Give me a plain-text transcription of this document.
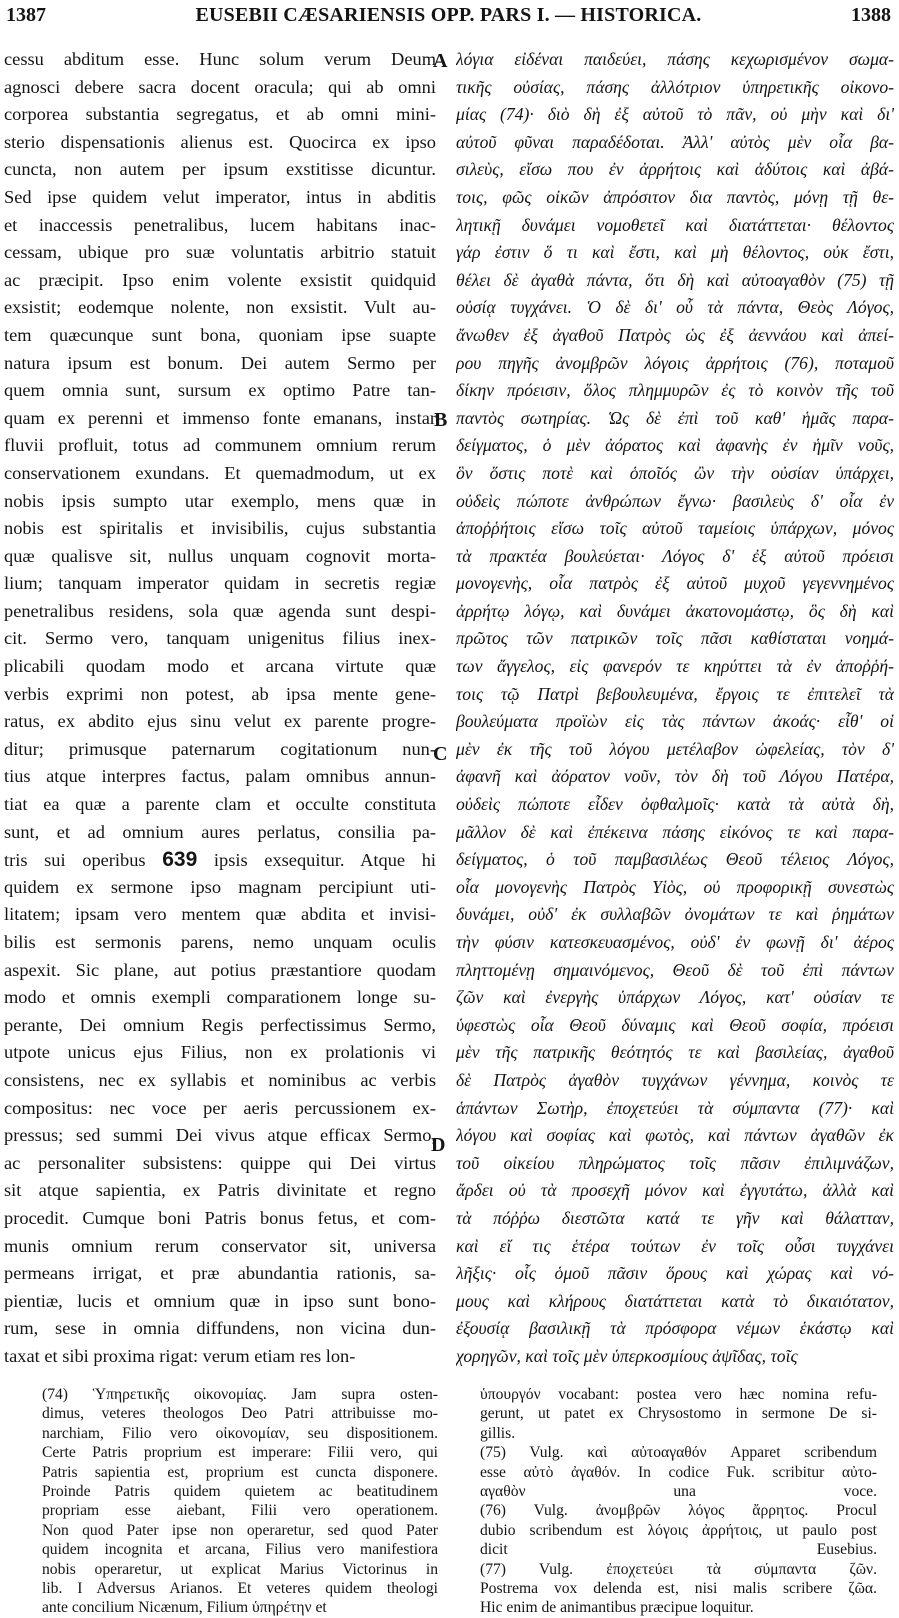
1387	EUSEBII CÆSARIENSIS OPP. PARS I. — HISTORICA.	1388
cessu abditum esse. Hunc solum verum Deum
agnosci debere sacra docent oracula; qui ab omni
corporea substantia segregatus, et ab omni mini-
sterio dispensationis alienus est. Quocirca ex ipso
cuncta, non autem per ipsum exstitisse dicuntur.
Sed ipse quidem velut imperator, intus in abditis
et inaccessis penetralibus, lucem habitans inac-
cessam, ubique pro suæ voluntatis arbitrio statuit
ac præcipit. Ipso enim volente exsistit quidquid
exsistit; eodemque nolente, non exsistit. Vult au-
tem quæcunque sunt bona, quoniam ipse suapte
natura ipsum est bonum. Dei autem Sermo per
quem omnia sunt, sursum ex optimo Patre tan-
quam ex perenni et immenso fonte emanans, instar
fluvii profluit, totus ad communem omnium rerum
conservationem exundans. Et quemadmodum, ut ex
nobis ipsis sumpto utar exemplo, mens quæ in
nobis est spiritalis et invisibilis, cujus substantia
quæ qualisve sit, nullus unquam cognovit morta-
lium; tanquam imperator quidam in secretis regiæ
penetralibus residens, sola quæ agenda sunt despi-
cit. Sermo vero, tanquam unigenitus filius inex-
plicabili quodam modo et arcana virtute quæ
verbis exprimi non potest, ab ipsa mente gene-
ratus, ex abdito ejus sinu velut ex parente progre-
ditur; primusque paternarum cogitationum nun-
tius atque interpres factus, palam omnibus annun-
tiat ea quæ a parente clam et occulte constituta
sunt, et ad omnium aures perlatus, consilia pa-
tris sui operibus 639 ipsis exsequitur. Atque hi
quidem ex sermone ipso magnam percipiunt uti-
litatem; ipsam vero mentem quæ abdita et invisi-
bilis est sermonis parens, nemo unquam oculis
aspexit. Sic plane, aut potius præstantiore quodam
modo et omnis exempli comparationem longe su-
perante, Dei omnium Regis perfectissimus Sermo,
utpote unicus ejus Filius, non ex prolationis vi
consistens, nec ex syllabis et nominibus ac verbis
compositus: nec voce per aeris percussionem ex-
pressus; sed summi Dei vivus atque efficax Sermo,
ac personaliter subsistens: quippe qui Dei virtus
sit atque sapientia, ex Patris divinitate et regno
procedit. Cumque boni Patris bonus fetus, et com-
munis omnium rerum conservator sit, universa
permeans irrigat, et præ abundantia rationis, sa-
pientiæ, lucis et omnium quæ in ipso sunt bono-
rum, sese in omnia diffundens, non vicina dun-
taxat et sibi proxima rigat: verum etiam res lon-
λόγια εἰδέναι παιδεύει, πάσης κεχωρισμένον σωμα-
τικῆς οὐσίας, πάσης ἀλλότριον ὑπηρετικῆς οἰκονο-
μίας (74)· διὸ δὴ ἐξ αὐτοῦ τὸ πᾶν, οὐ μὴν καὶ δι'
αὐτοῦ φῦναι παραδέδοται. Ἀλλ' αὐτὸς μὲν οἷα βα-
σιλεὺς, εἴσω που ἐν ἀρρήτοις καὶ ἀδύτοις καὶ ἀβά-
τοις, φῶς οἰκῶν ἀπρόσιτον δια παντὸς, μόνῃ τῇ θε-
λητικῇ δυνάμει νομοθετεῖ καὶ διατάττεται· θέλοντος
γάρ ἐστιν ὅ τι καὶ ἔστι, καὶ μὴ θέλοντος, οὐκ ἔστι,
θέλει δὲ ἀγαθὰ πάντα, ὅτι δὴ καὶ αὐτοαγαθὸν (75) τῇ
οὐσίᾳ τυγχάνει. Ὁ δὲ δι' οὗ τὰ πάντα, Θεὸς Λόγος,
ἄνωθεν ἐξ ἀγαθοῦ Πατρὸς ὡς ἐξ ἀεννάου καὶ ἀπεί-
ρου πηγῆς ἀνομβρῶν λόγοις ἀρρήτοις (76), ποταμοῦ
δίκην πρόεισιν, ὅλος πλημμυρῶν ἐς τὸ κοινὸν τῆς τοῦ
παντὸς σωτηρίας. Ὡς δὲ ἐπὶ τοῦ καθ' ἡμᾶς παρα-
δείγματος, ὁ μὲν ἀόρατος καὶ ἀφανὴς ἐν ἡμῖν νοῦς,
ὃν ὅστις ποτὲ καὶ ὁποῖός ὢν τὴν οὐσίαν ὑπάρχει,
οὐδεὶς πώποτε ἀνθρώπων ἔγνω· βασιλεὺς δ' οἷα ἐν
ἀποῤῥήτοις εἴσω τοῖς αὐτοῦ ταμείοις ὑπάρχων, μόνος
τὰ πρακτέα βουλεύεται· Λόγος δ' ἐξ αὐτοῦ πρόεισι
μονογενὴς, οἷα πατρὸς ἐξ αὐτοῦ μυχοῦ γεγεννημένος
ἀρρήτῳ λόγῳ, καὶ δυνάμει ἀκατονομάστῳ, ὃς δὴ καὶ
πρῶτος τῶν πατρικῶν τοῖς πᾶσι καθίσταται νοημά-
των ἄγγελος, εἰς φανερόν τε κηρύττει τὰ ἐν ἀποῤῥή-
τοις τῷ Πατρὶ βεβουλευμένα, ἔργοις τε ἐπιτελεῖ τὰ
βουλεύματα προϊὼν εἰς τὰς πάντων ἀκοάς· εἶθ' οἱ
μὲν ἐκ τῆς τοῦ λόγου μετέλαβον ὠφελείας, τὸν δ'
ἀφανῆ καὶ ἀόρατον νοῦν, τὸν δὴ τοῦ Λόγου Πατέρα,
οὐδεὶς πώποτε εἶδεν ὀφθαλμοῖς· κατὰ τὰ αὐτὰ δὴ,
μᾶλλον δὲ καὶ ἐπέκεινα πάσης εἰκόνος τε καὶ παρα-
δείγματος, ὁ τοῦ παμβασιλέως Θεοῦ τέλειος Λόγος,
οἷα μονογενὴς Πατρὸς Υἱὸς, οὐ προφορικῇ συνεστὼς
δυνάμει, οὐδ' ἐκ συλλαβῶν ὀνομάτων τε καὶ ῥημάτων
τὴν φύσιν κατεσκευασμένος, οὐδ' ἐν φωνῇ δι' ἀέρος
πληττομένῃ σημαινόμενος, Θεοῦ δὲ τοῦ ἐπὶ πάντων
ζῶν καὶ ἐνεργὴς ὑπάρχων Λόγος, κατ' οὐσίαν τε
ὑφεστὼς οἷα Θεοῦ δύναμις καὶ Θεοῦ σοφία, πρόεισι
μὲν τῆς πατρικῆς θεότητός τε καὶ βασιλείας, ἀγαθοῦ
δὲ Πατρὸς ἀγαθὸν τυγχάνων γέννημα, κοινὸς τε
ἁπάντων Σωτὴρ, ἐποχετεύει τὰ σύμπαντα (77)· καὶ
λόγου καὶ σοφίας καὶ φωτὸς, καὶ πάντων ἀγαθῶν ἐκ
τοῦ οἰκείου πληρώματος τοῖς πᾶσιν ἐπιλιμνάζων,
ἄρδει οὐ τὰ προσεχῆ μόνον καὶ ἐγγυτάτω, ἀλλὰ καὶ
τὰ πόῤῥω διεστῶτα κατά τε γῆν καὶ θάλατταν,
καὶ εἴ τις ἑτέρα τούτων ἐν τοῖς οὖσι τυγχάνει
λῆξις· οἷς ὁμοῦ πᾶσιν ὅρους καὶ χώρας καὶ νό-
μους καὶ κλήρους διατάττεται κατὰ τὸ δικαιότατον,
ἐξουσίᾳ βασιλικῇ τὰ πρόσφορα νέμων ἑκάστῳ καὶ
χορηγῶν, καὶ τοῖς μὲν ὑπερκοσμίους ἁψῖδας, τοῖς
A
B
C
D
(74) Ὑπηρετικῆς οἰκονομίας. Jam supra osten-
dimus, veteres theologos Deo Patri attribuisse mo-
narchiam, Filio vero οἰκονομίαν, seu dispositionem.
Certe Patris proprium est imperare: Filii vero, qui
Patris sapientia est, proprium est cuncta disponere.
Proinde Patris quidem quietem ac beatitudinem
propriam esse aiebant, Filii vero operationem.
Non quod Pater ipse non operaretur, sed quod Pater
quidem incognita et arcana, Filius vero manifestiora
nobis operaretur, ut explicat Marius Victorinus in
lib. I Adversus Arianos. Et veteres quidem theologi
ante concilium Nicænum, Filium ὑπηρέτην et
ὑπουργόν vocabant: postea vero hæc nomina refu-
gerunt, ut patet ex Chrysostomo in sermone De si-
gillis.
(75) Vulg. καὶ αὐτοαγαθόν Apparet scribendum
esse αὐτὸ ἀγαθόν. In codice Fuk. scribitur αὐτο-
αγαθὸν una voce.
(76) Vulg. ἀνομβρῶν λόγος ἄρρητος. Procul
dubio scribendum est λόγοις ἀρρήτοις, ut paulo post
dicit Eusebius.
(77) Vulg. ἐποχετεύει τὰ σύμπαντα ζῶν.
Postrema vox delenda est, nisi malis scribere ζῶα.
Hic enim de animantibus præcipue loquitur.
